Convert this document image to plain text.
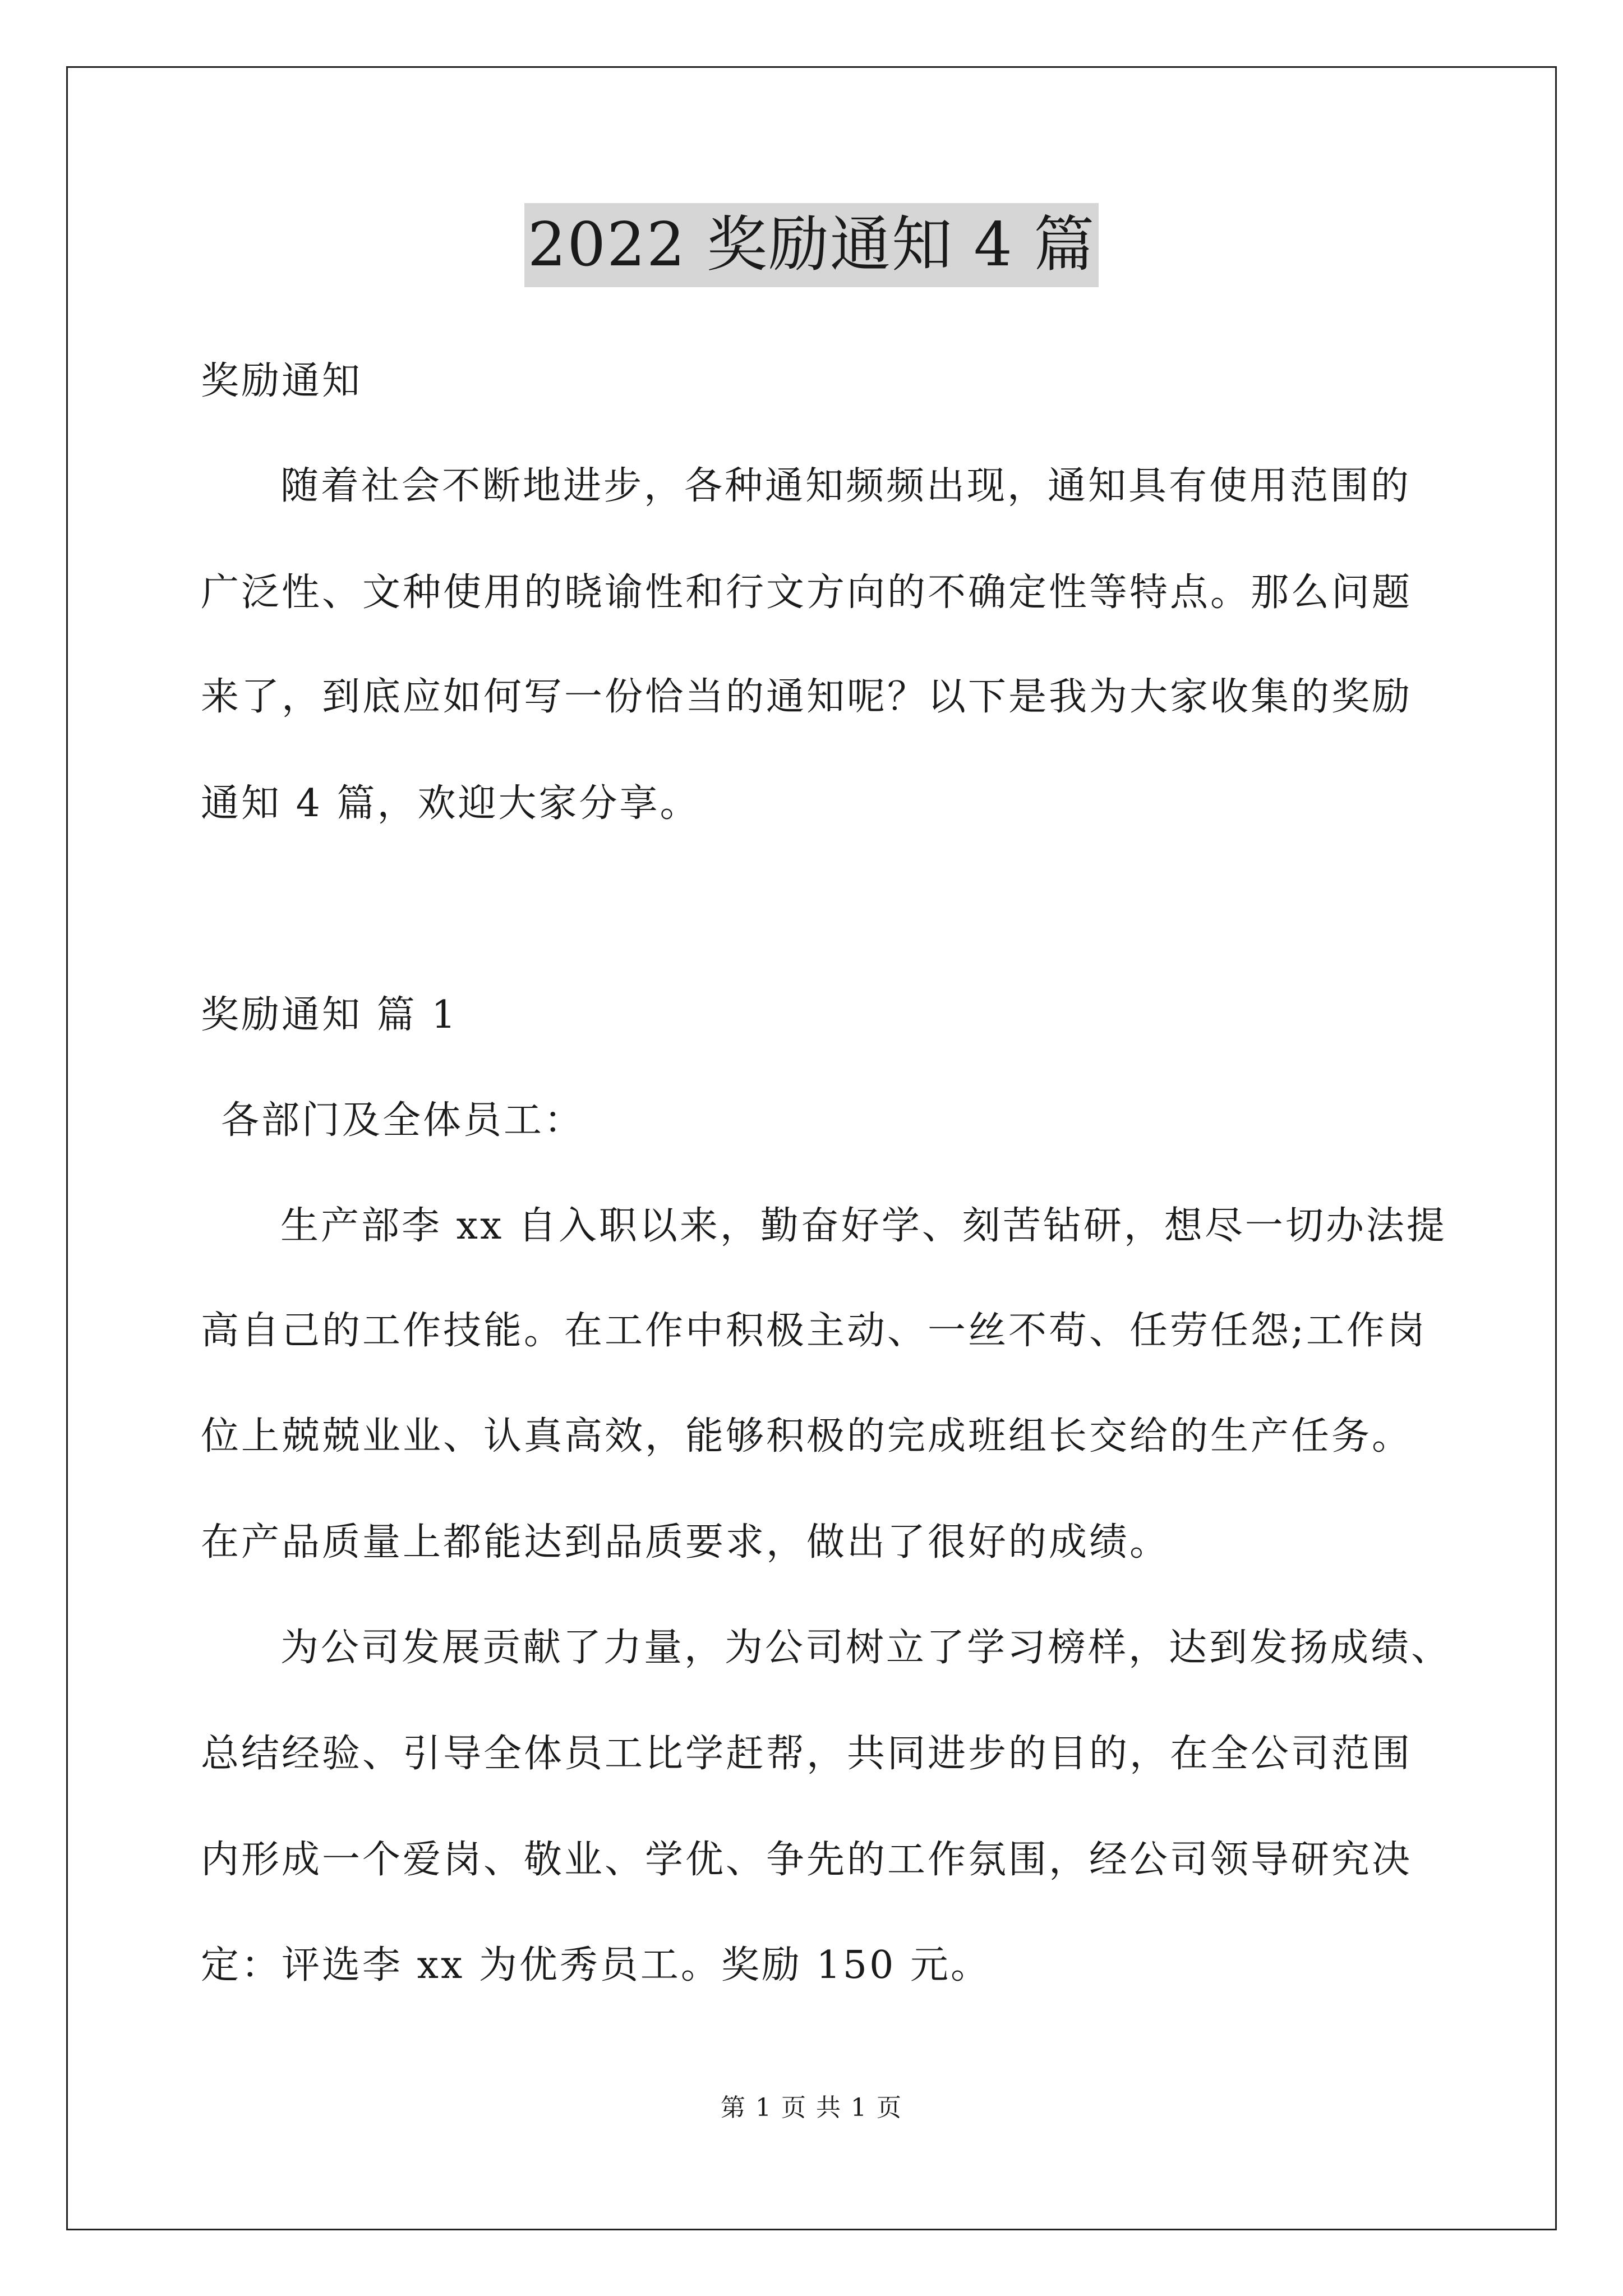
2022 奖励通知 4 篇
奖励通知
随着社会不断地进步，各种通知频频出现，通知具有使用范围的
广泛性、文种使用的晓谕性和行文方向的不确定性等特点。那么问题
来了，到底应如何写一份恰当的通知呢？以下是我为大家收集的奖励
通知 4 篇，欢迎大家分享。
奖励通知 篇 1
各部门及全体员工：
生产部李 xx 自入职以来，勤奋好学、刻苦钻研，想尽一切办法提
高自己的工作技能。在工作中积极主动、一丝不苟、任劳任怨;工作岗
位上兢兢业业、认真高效，能够积极的完成班组长交给的生产任务。
在产品质量上都能达到品质要求，做出了很好的成绩。
为公司发展贡献了力量，为公司树立了学习榜样，达到发扬成绩、
总结经验、引导全体员工比学赶帮，共同进步的目的，在全公司范围
内形成一个爱岗、敬业、学优、争先的工作氛围，经公司领导研究决
定：评选李 xx 为优秀员工。奖励 150 元。
第 1 页 共 1 页
